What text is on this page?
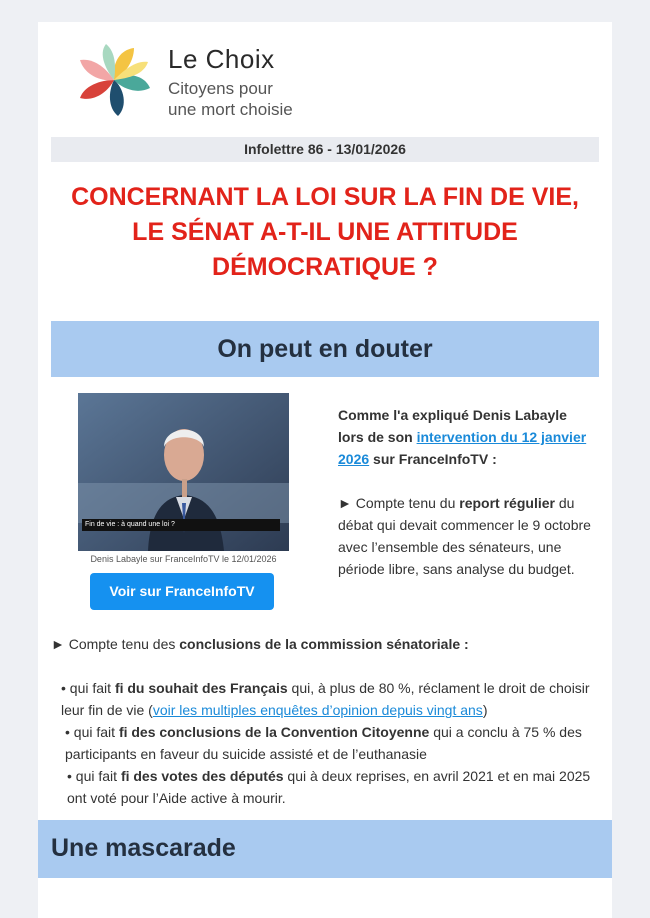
Le Choix
Citoyens pour
une mort choisie
Infolettre 86 - 13/01/2026
CONCERNANT LA LOI SUR LA FIN DE VIE,
LE SÉNAT A-T-IL UNE ATTITUDE
DÉMOCRATIQUE ?
On peut en douter
Fin de vie : à quand une loi ?
Denis Labayle sur FranceInfoTV le 12/01/2026
Voir sur FranceInfoTV

Comme l'a expliqué Denis Labayle lors de son intervention du 12 janvier 2026 sur FranceInfoTV :

► Compte tenu du report régulier du débat qui devait commencer le 9 octobre avec l’ensemble des sénateurs, une période libre, sans analyse du budget.

► Compte tenu des conclusions de la commission sénatoriale :

• qui fait fi du souhait des Français qui, à plus de 80 %, réclament le droit de choisir leur fin de vie (voir les multiples enquêtes d’opinion depuis vingt ans)

• qui fait fi des conclusions de la Convention Citoyenne qui a conclu à 75 % des participants en faveur du suicide assisté et de l’euthanasie

• qui fait fi des votes des députés qui à deux reprises, en avril 2021 et en mai 2025 ont voté pour l’Aide active à mourir.

Une mascarade
